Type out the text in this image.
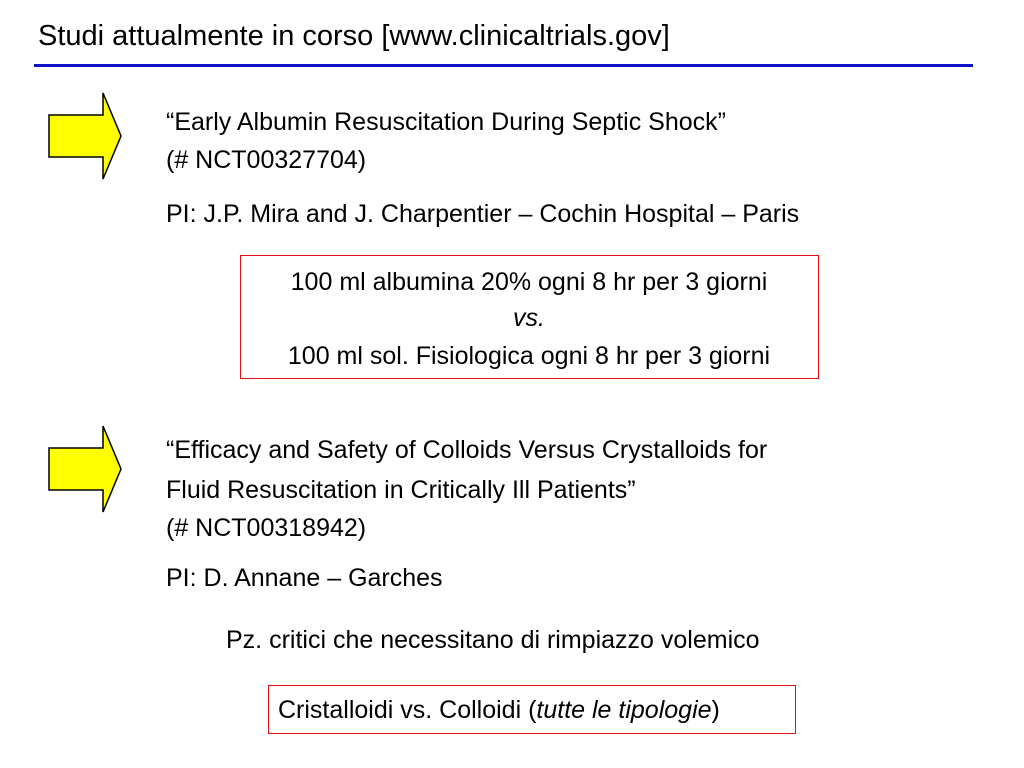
Studi attualmente in corso [www.clinicaltrials.gov]
“Early Albumin Resuscitation During Septic Shock”
(# NCT00327704)
PI: J.P. Mira and J. Charpentier – Cochin Hospital – Paris
100 ml albumina 20% ogni 8 hr per 3 giorni
vs.
100 ml sol. Fisiologica ogni 8 hr per 3 giorni
“Efficacy and Safety of Colloids Versus Crystalloids for
Fluid Resuscitation in Critically Ill Patients”
(# NCT00318942)
PI: D. Annane – Garches
Pz. critici che necessitano di rimpiazzo volemico
Cristalloidi vs. Colloidi (tutte le tipologie)
